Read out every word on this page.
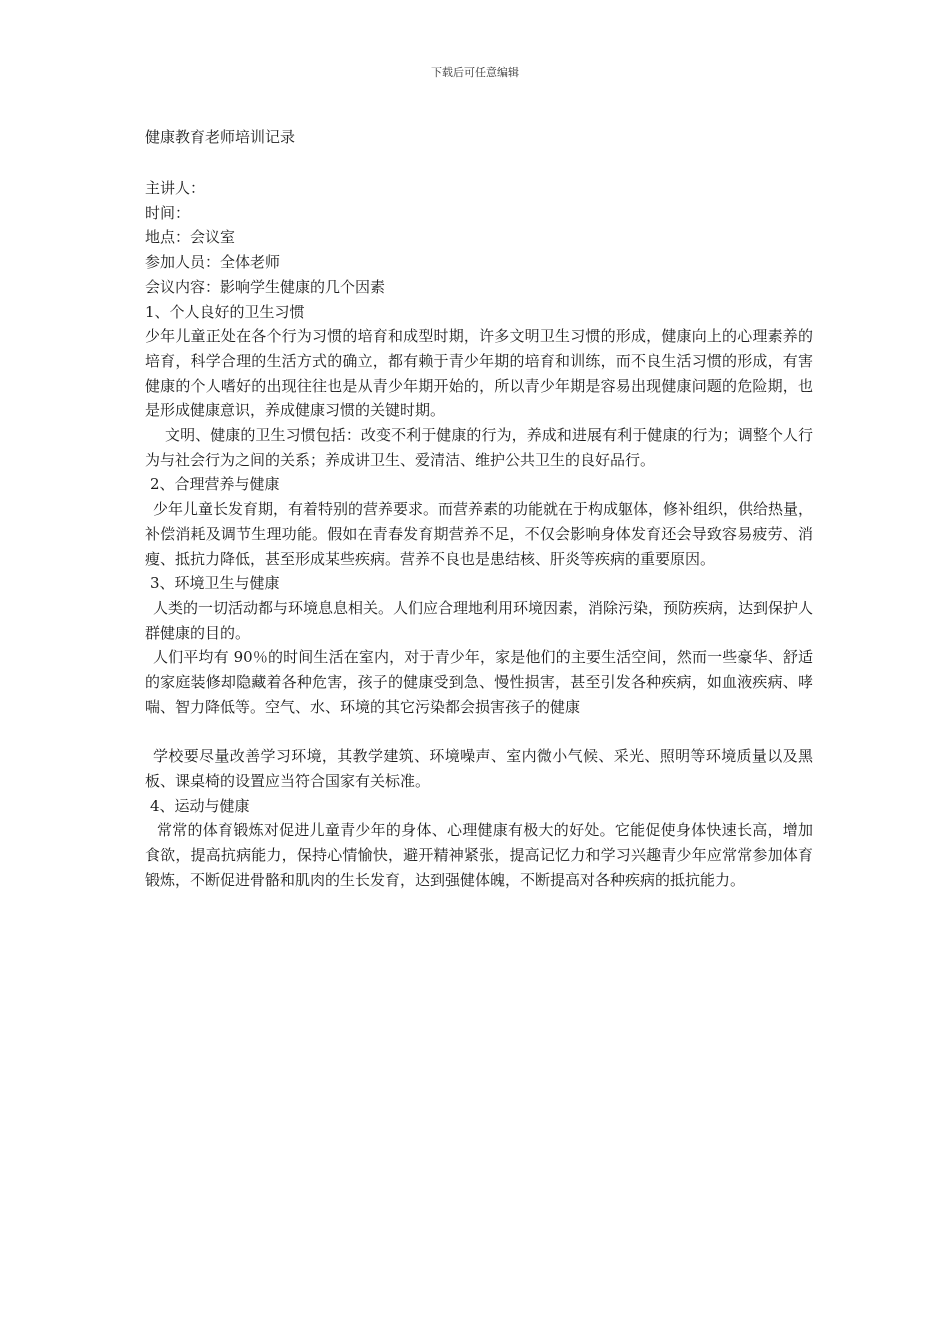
下载后可任意编辑

健康教育老师培训记录

主讲人：

时间：

地点：会议室

参加人员：全体老师

会议内容：影响学生健康的几个因素

1、个人良好的卫生习惯

少年儿童正处在各个行为习惯的培育和成型时期，许多文明卫生习惯的形成，健康向上的心理素养的培育，科学合理的生活方式的确立，都有赖于青少年期的培育和训练，而不良生活习惯的形成，有害健康的个人嗜好的出现往往也是从青少年期开始的，所以青少年期是容易出现健康问题的危险期，也是形成健康意识，养成健康习惯的关键时期。

文明、健康的卫生习惯包括：改变不利于健康的行为，养成和进展有利于健康的行为；调整个人行为与社会行为之间的关系；养成讲卫生、爱清洁、维护公共卫生的良好品行。

2、合理营养与健康

少年儿童长发育期，有着特别的营养要求。而营养素的功能就在于构成躯体，修补组织，供给热量，补偿消耗及调节生理功能。假如在青春发育期营养不足，不仅会影响身体发育还会导致容易疲劳、消瘦、抵抗力降低，甚至形成某些疾病。营养不良也是患结核、肝炎等疾病的重要原因。

3、环境卫生与健康

人类的一切活动都与环境息息相关。人们应合理地利用环境因素，消除污染，预防疾病，达到保护人群健康的目的。

人们平均有 90％的时间生活在室内，对于青少年，家是他们的主要生活空间，然而一些豪华、舒适的家庭装修却隐藏着各种危害，孩子的健康受到急、慢性损害，甚至引发各种疾病，如血液疾病、哮喘、智力降低等。空气、水、环境的其它污染都会损害孩子的健康

学校要尽量改善学习环境，其教学建筑、环境噪声、室内微小气候、采光、照明等环境质量以及黑板、课桌椅的设置应当符合国家有关标准。

4、运动与健康

常常的体育锻炼对促进儿童青少年的身体、心理健康有极大的好处。它能促使身体快速长高，增加食欲，提高抗病能力，保持心情愉快，避开精神紧张，提高记忆力和学习兴趣青少年应常常参加体育锻炼，不断促进骨骼和肌肉的生长发育，达到强健体魄，不断提高对各种疾病的抵抗能力。
